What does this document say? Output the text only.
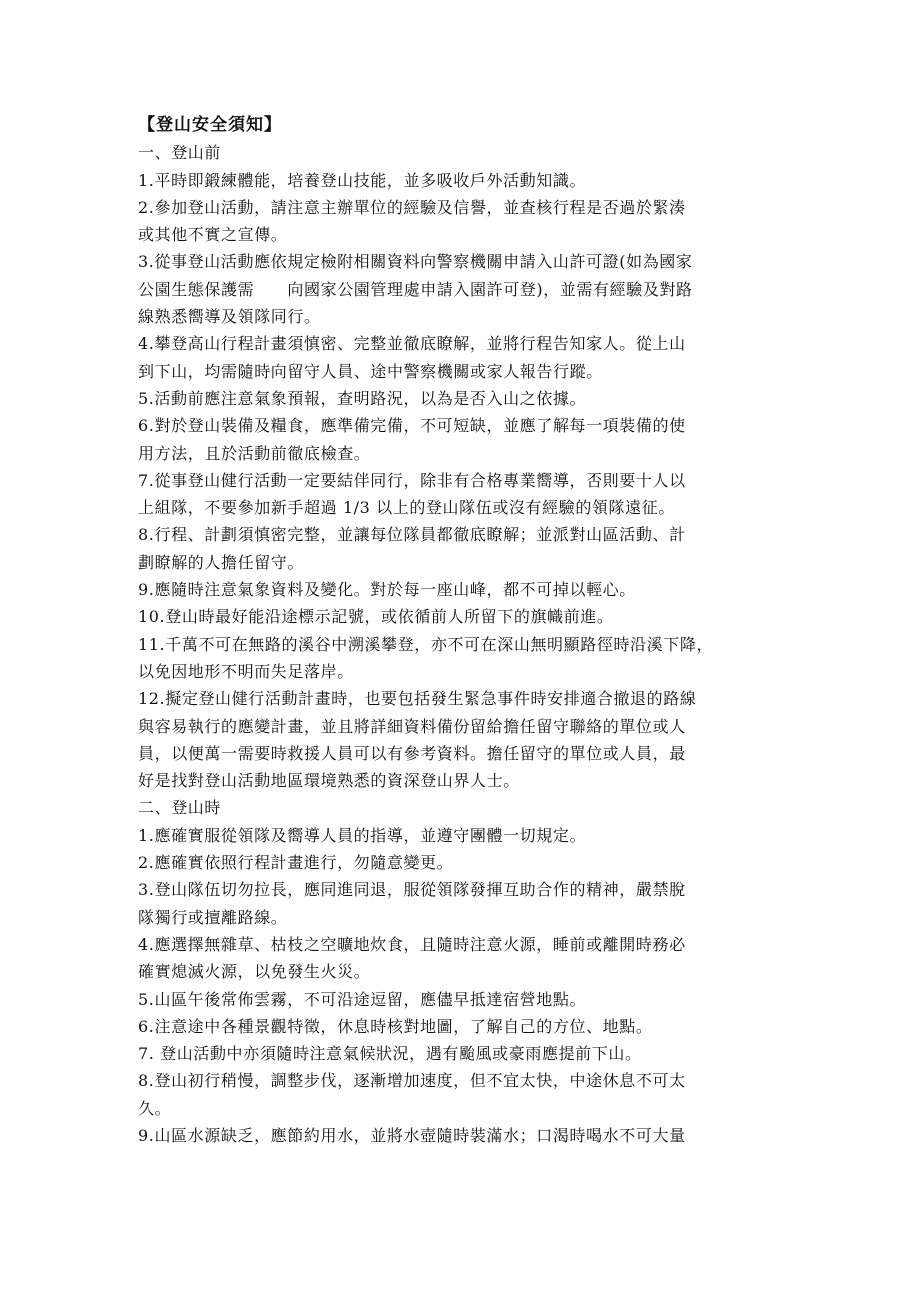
【登山安全須知】

一、登山前

1.平時即鍛練體能，培養登山技能，並多吸收戶外活動知識。

2.參加登山活動，請注意主辦單位的經驗及信譽，並查核行程是否過於緊湊

或其他不實之宣傳。

3.從事登山活動應依規定檢附相關資料向警察機關申請入山許可證(如為國家

公園生態保護需　　向國家公園管理處申請入園許可登)，並需有經驗及對路

線熟悉嚮導及領隊同行。

4.攀登高山行程計畫須慎密、完整並徹底瞭解，並將行程告知家人。從上山

到下山，均需隨時向留守人員、途中警察機關或家人報告行蹤。

5.活動前應注意氣象預報，查明路況，以為是否入山之依據。

6.對於登山裝備及糧食，應準備完備，不可短缺，並應了解每一項裝備的使

用方法，且於活動前徹底檢查。

7.從事登山健行活動一定要結伴同行，除非有合格專業嚮導，否則要十人以

上組隊，不要參加新手超過 1/3 以上的登山隊伍或沒有經驗的領隊遠征。

8.行程、計劃須慎密完整，並讓每位隊員都徹底瞭解；並派對山區活動、計

劃瞭解的人擔任留守。

9.應隨時注意氣象資料及變化。對於每一座山峰，都不可掉以輕心。

10.登山時最好能沿途標示記號，或依循前人所留下的旗幟前進。

11.千萬不可在無路的溪谷中溯溪攀登，亦不可在深山無明顯路徑時沿溪下降，

以免因地形不明而失足落岸。

12.擬定登山健行活動計畫時，也要包括發生緊急事件時安排適合撤退的路線

與容易執行的應變計畫，並且將詳細資料備份留給擔任留守聯絡的單位或人

員，以便萬一需要時救援人員可以有參考資料。擔任留守的單位或人員，最

好是找對登山活動地區環境熟悉的資深登山界人士。

二、登山時

1.應確實服從領隊及嚮導人員的指導，並遵守團體一切規定。

2.應確實依照行程計畫進行，勿隨意變更。

3.登山隊伍切勿拉長，應同進同退，服從領隊發揮互助合作的精神，嚴禁脫

隊獨行或擅離路線。

4.應選擇無雜草、枯枝之空曠地炊食，且隨時注意火源，睡前或離開時務必

確實熄滅火源，以免發生火災。

5.山區午後常佈雲霧，不可沿途逗留，應儘早抵達宿營地點。

6.注意途中各種景觀特徵，休息時核對地圖，了解自己的方位、地點。

7. 登山活動中亦須隨時注意氣候狀況，遇有颱風或豪雨應提前下山。

8.登山初行稍慢，調整步伐，逐漸增加速度，但不宜太快，中途休息不可太

久。

9.山區水源缺乏，應節約用水，並將水壺隨時裝滿水；口渴時喝水不可大量
